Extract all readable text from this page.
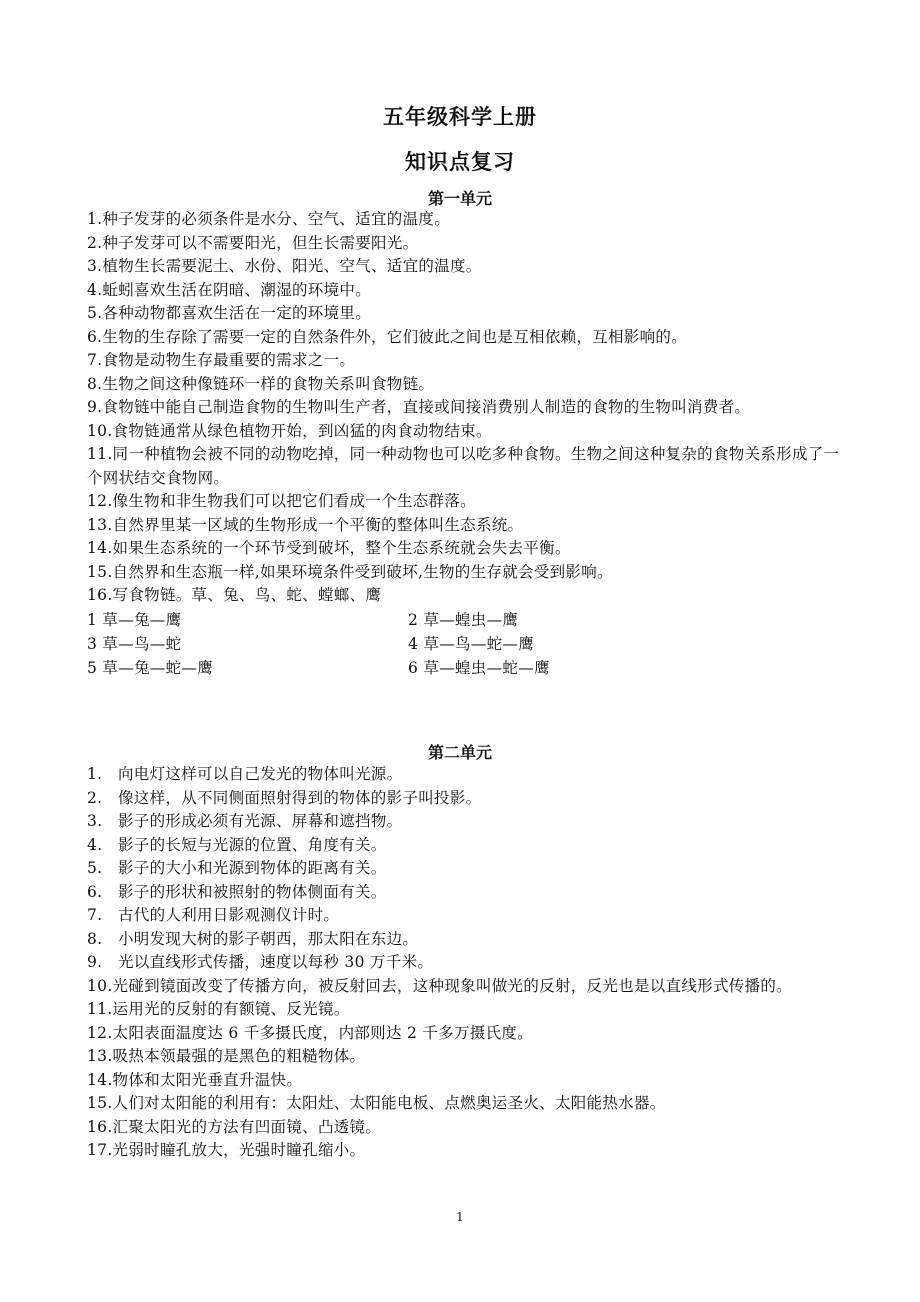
五年级科学上册
知识点复习
第一单元
1.种子发芽的必须条件是水分、空气、适宜的温度。
2.种子发芽可以不需要阳光，但生长需要阳光。
3.植物生长需要泥土、水份、阳光、空气、适宜的温度。
4.蚯蚓喜欢生活在阴暗、潮湿的环境中。
5.各种动物都喜欢生活在一定的环境里。
6.生物的生存除了需要一定的自然条件外，它们彼此之间也是互相依赖，互相影响的。
7.食物是动物生存最重要的需求之一。
8.生物之间这种像链环一样的食物关系叫食物链。
9.食物链中能自己制造食物的生物叫生产者，直接或间接消费别人制造的食物的生物叫消费者。
10.食物链通常从绿色植物开始，到凶猛的肉食动物结束。
11.同一种植物会被不同的动物吃掉，同一种动物也可以吃多种食物。生物之间这种复杂的食物关系形成了一个网状结交食物网。
12.像生物和非生物我们可以把它们看成一个生态群落。
13.自然界里某一区域的生物形成一个平衡的整体叫生态系统。
14.如果生态系统的一个环节受到破坏，整个生态系统就会失去平衡。
15.自然界和生态瓶一样,如果环境条件受到破坏,生物的生存就会受到影响。
16.写食物链。草、兔、鸟、蛇、螳螂、鹰
1 草—兔—鹰	2 草—蝗虫—鹰
3 草—鸟—蛇	4 草—鸟—蛇—鹰
5 草—兔—蛇—鹰	6 草—蝗虫—蛇—鹰
第二单元
1. 向电灯这样可以自己发光的物体叫光源。
2. 像这样，从不同侧面照射得到的物体的影子叫投影。
3. 影子的形成必须有光源、屏幕和遮挡物。
4. 影子的长短与光源的位置、角度有关。
5. 影子的大小和光源到物体的距离有关。
6. 影子的形状和被照射的物体侧面有关。
7. 古代的人利用日影观测仪计时。
8. 小明发现大树的影子朝西，那太阳在东边。
9. 光以直线形式传播，速度以每秒 30 万千米。
10.光碰到镜面改变了传播方向，被反射回去，这种现象叫做光的反射，反光也是以直线形式传播的。
11.运用光的反射的有额镜、反光镜。
12.太阳表面温度达 6 千多摄氏度，内部则达 2 千多万摄氏度。
13.吸热本领最强的是黑色的粗糙物体。
14.物体和太阳光垂直升温快。
15.人们对太阳能的利用有：太阳灶、太阳能电板、点燃奥运圣火、太阳能热水器。
16.汇聚太阳光的方法有凹面镜、凸透镜。
17.光弱时瞳孔放大，光强时瞳孔缩小。
1
